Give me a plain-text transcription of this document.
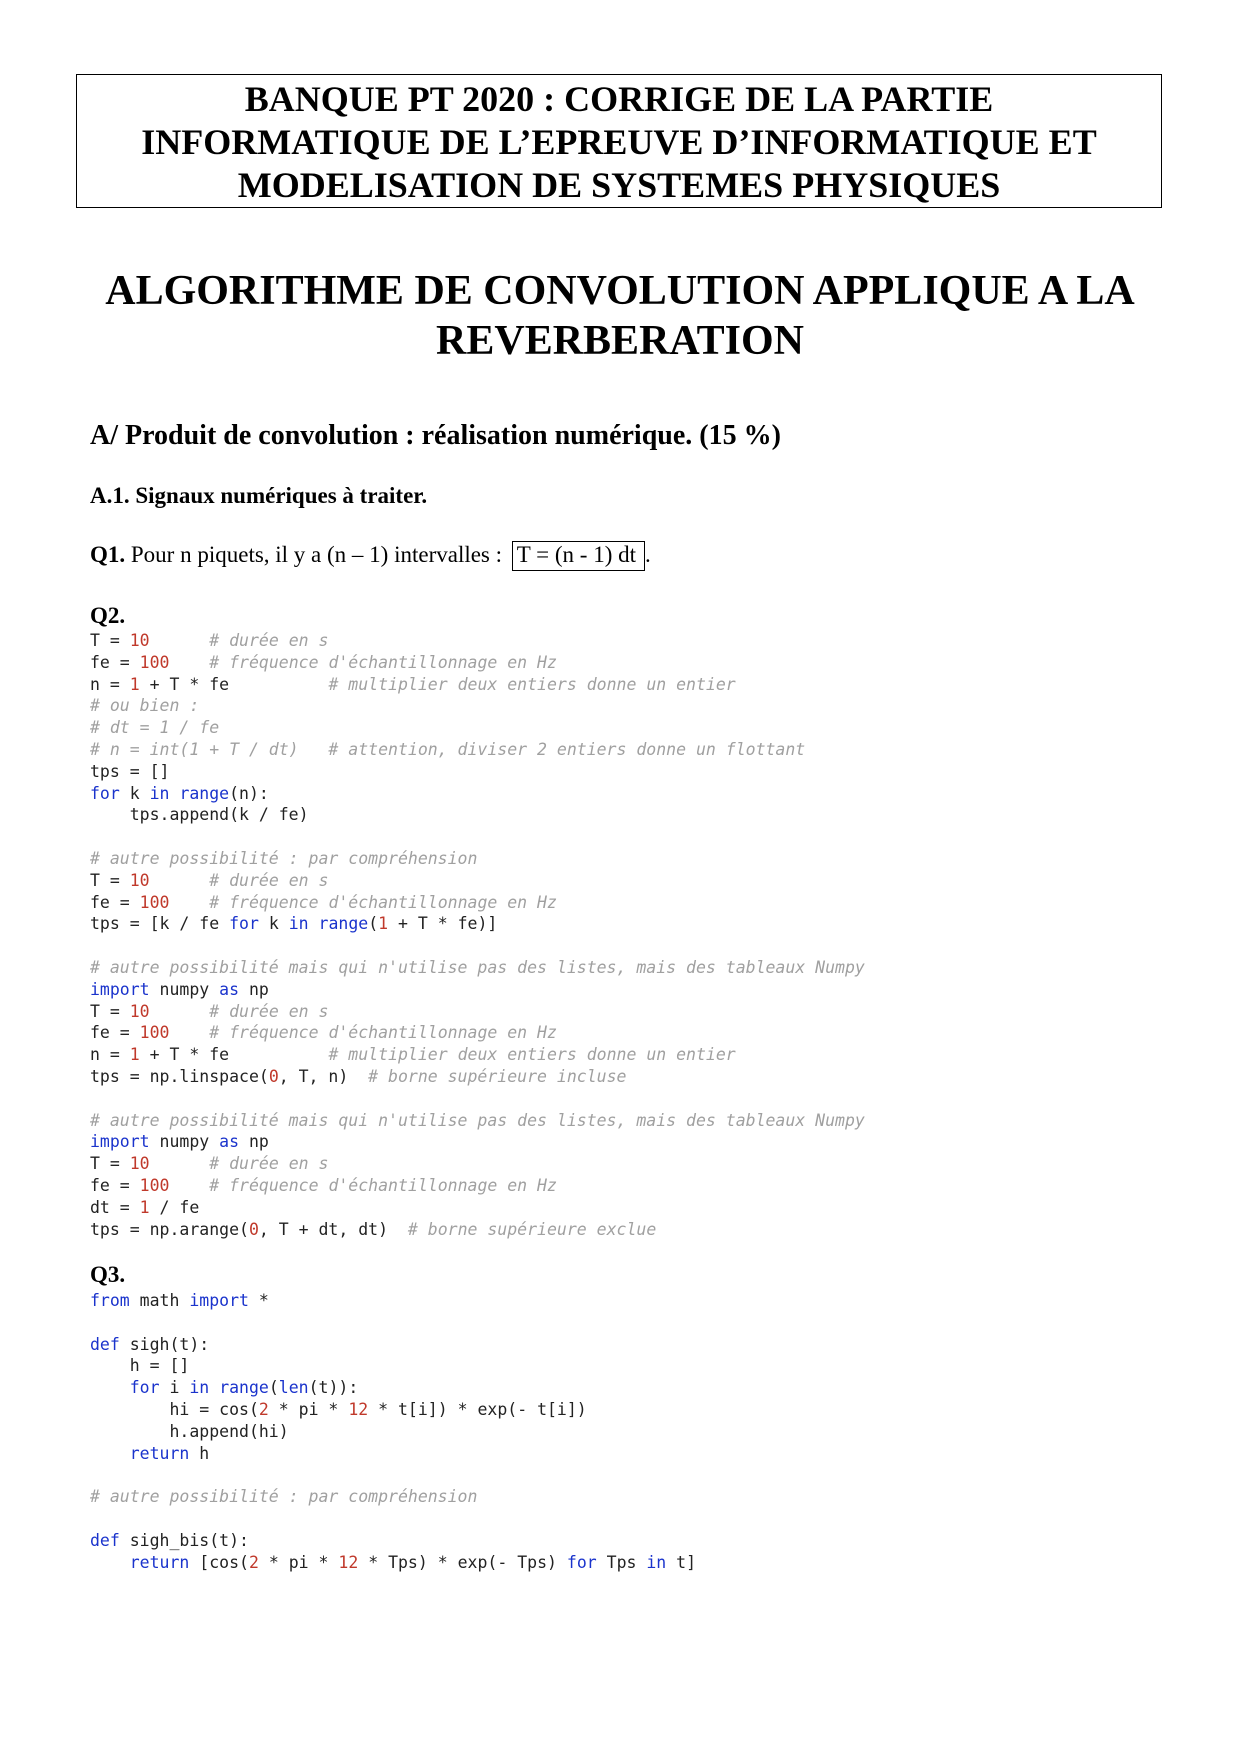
BANQUE PT 2020 : CORRIGE DE LA PARTIE
INFORMATIQUE DE L’EPREUVE D’INFORMATIQUE ET
MODELISATION DE SYSTEMES PHYSIQUES
ALGORITHME DE CONVOLUTION APPLIQUE A LA
REVERBERATION
A/ Produit de convolution : réalisation numérique. (15 %)
A.1. Signaux numériques à traiter.
Q1. Pour n piquets, il y a (n – 1) intervalles : T = (n - 1) dt .
Q2.
T = 10	# durée en s
fe = 100 # fréquence d'échantillonnage en Hz
n = 1 + T * fe          # multiplier deux entiers donne un entier
# ou bien :
# dt = 1 / fe
# n = int(1 + T / dt)   # attention, diviser 2 entiers donne un flottant
tps = []
for k in range(n):
tps.append(k / fe)
# autre possibilité : par compréhension
T = 10	# durée en s
fe = 100 # fréquence d'échantillonnage en Hz
tps = [k / fe for k in range(1 + T * fe)]
# autre possibilité mais qui n'utilise pas des listes, mais des tableaux Numpy
import numpy as np
T = 10	# durée en s
fe = 100 # fréquence d'échantillonnage en Hz
n = 1 + T * fe          # multiplier deux entiers donne un entier
tps = np.linspace(0, T, n)  # borne supérieure incluse
# autre possibilité mais qui n'utilise pas des listes, mais des tableaux Numpy
import numpy as np
T = 10	# durée en s
fe = 100 # fréquence d'échantillonnage en Hz
dt = 1 / fe
tps = np.arange(0, T + dt, dt)  # borne supérieure exclue
Q3.
from math import *
def sigh(t):
h = []
for i in range(len(t)):
hi = cos(2 * pi * 12 * t[i]) * exp(- t[i])
h.append(hi)
return h
# autre possibilité : par compréhension
def sigh_bis(t):
return [cos(2 * pi * 12 * Tps) * exp(- Tps) for Tps in t]
